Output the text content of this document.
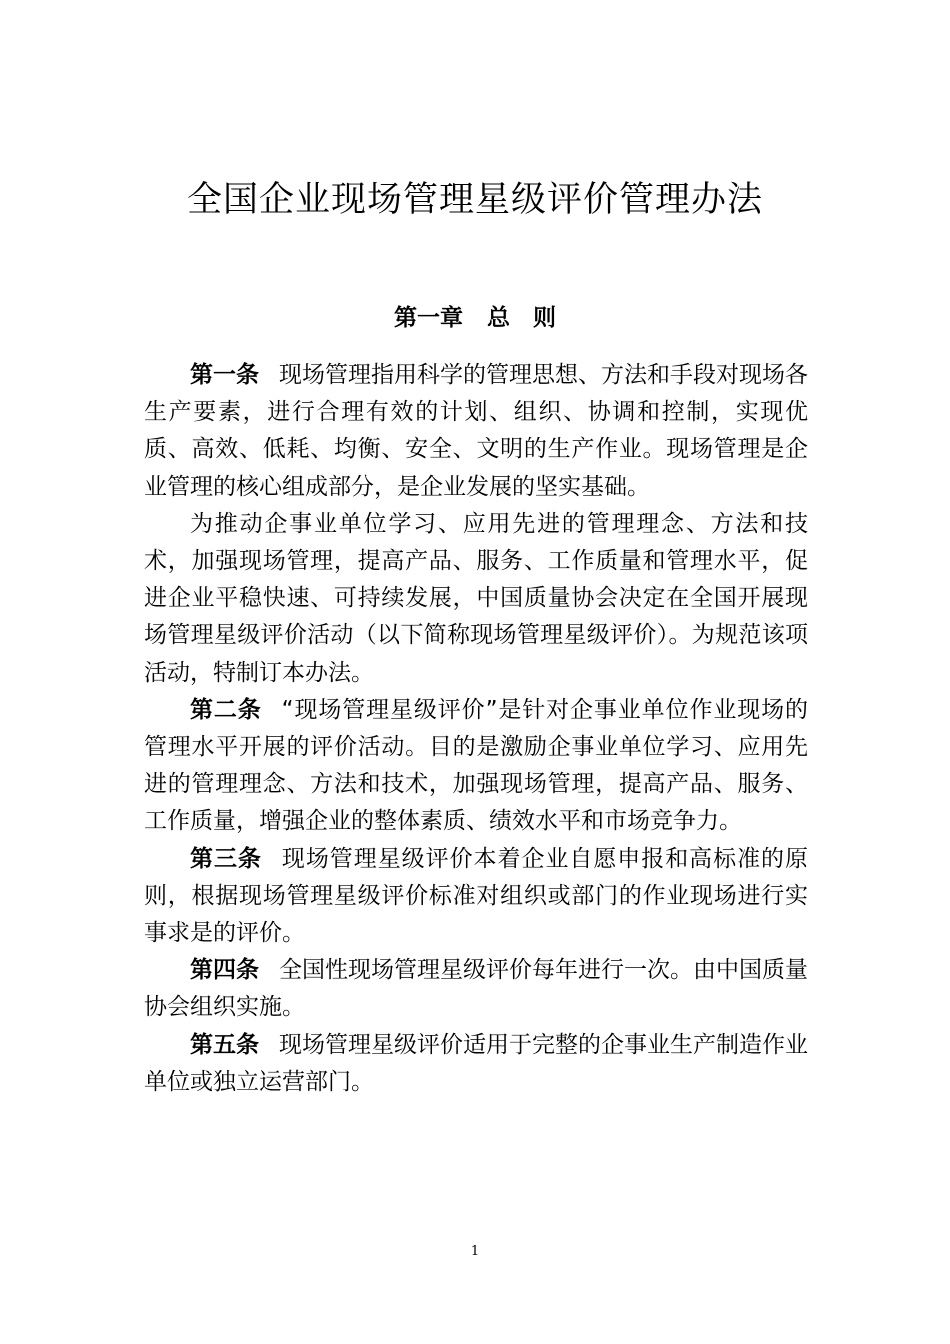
全国企业现场管理星级评价管理办法
第一章 总　则

第一条 现场管理指用科学的管理思想、方法和手段对现场各生产要素，进行合理有效的计划、组织、协调和控制，实现优质、高效、低耗、均衡、安全、文明的生产作业。现场管理是企业管理的核心组成部分，是企业发展的坚实基础。

为推动企事业单位学习、应用先进的管理理念、方法和技术，加强现场管理，提高产品、服务、工作质量和管理水平，促进企业平稳快速、可持续发展，中国质量协会决定在全国开展现场管理星级评价活动（以下简称现场管理星级评价）。为规范该项活动，特制订本办法。

第二条 “现场管理星级评价”是针对企事业单位作业现场的管理水平开展的评价活动。目的是激励企事业单位学习、应用先进的管理理念、方法和技术，加强现场管理，提高产品、服务、工作质量，增强企业的整体素质、绩效水平和市场竞争力。

第三条 现场管理星级评价本着企业自愿申报和高标准的原则，根据现场管理星级评价标准对组织或部门的作业现场进行实事求是的评价。

第四条 全国性现场管理星级评价每年进行一次。由中国质量协会组织实施。

第五条 现场管理星级评价适用于完整的企事业生产制造作业单位或独立运营部门。

1
